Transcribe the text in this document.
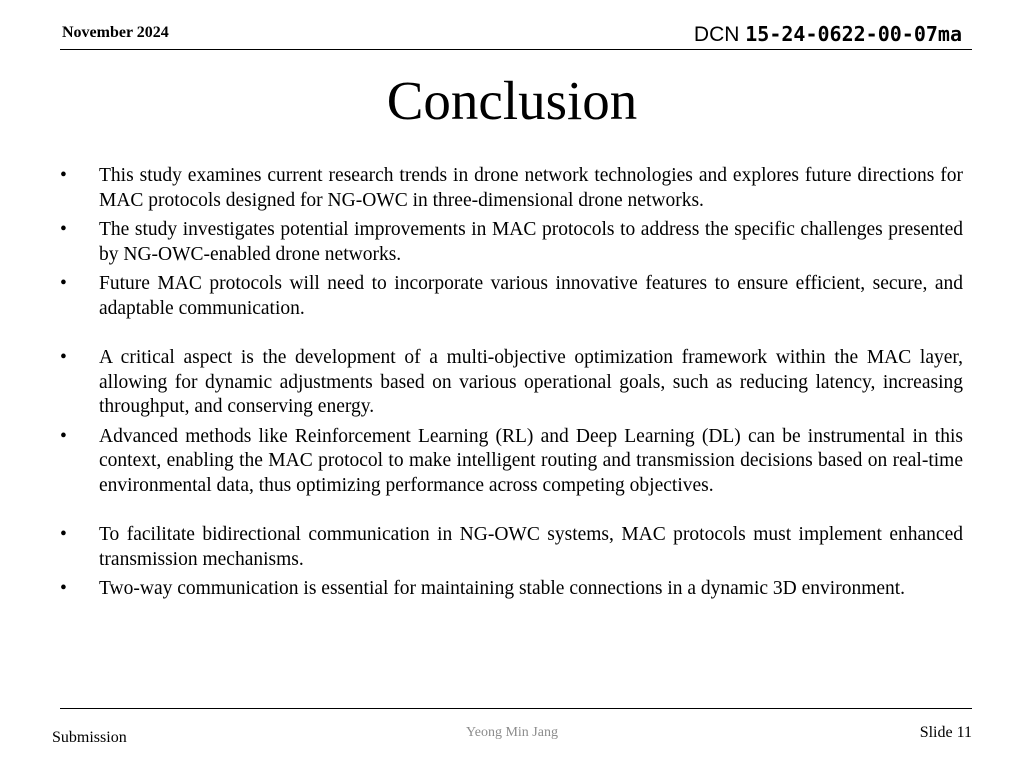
November 2024	DCN 15-24-0622-00-07ma
Conclusion
• This study examines current research trends in drone network technologies and explores future directions for MAC protocols designed for NG-OWC in three-dimensional drone networks.
• The study investigates potential improvements in MAC protocols to address the specific challenges presented by NG-OWC-enabled drone networks.
• Future MAC protocols will need to incorporate various innovative features to ensure efficient, secure, and adaptable communication.
• A critical aspect is the development of a multi-objective optimization framework within the MAC layer, allowing for dynamic adjustments based on various operational goals, such as reducing latency, increasing throughput, and conserving energy.
• Advanced methods like Reinforcement Learning (RL) and Deep Learning (DL) can be instrumental in this context, enabling the MAC protocol to make intelligent routing and transmission decisions based on real-time environmental data, thus optimizing performance across competing objectives.
• To facilitate bidirectional communication in NG-OWC systems, MAC protocols must implement enhanced transmission mechanisms.
• Two-way communication is essential for maintaining stable connections in a dynamic 3D environment.
Submission	Yeong Min Jang	Slide 11
